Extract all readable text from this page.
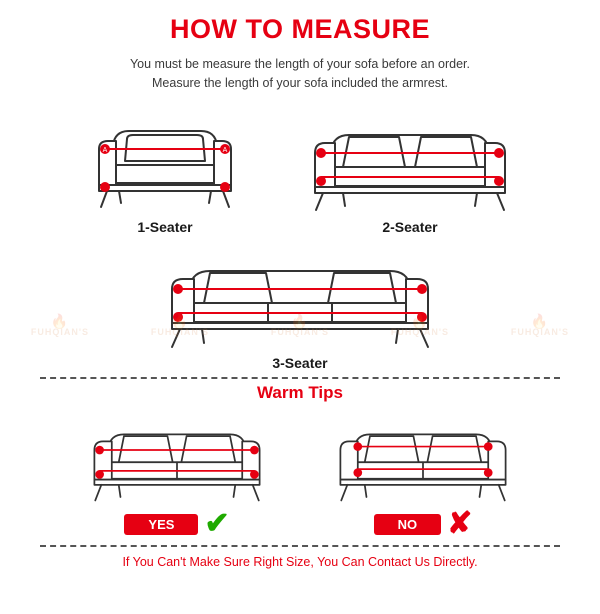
HOW TO MEASURE
You must be measure the length of your sofa before an order.
Measure the length of your sofa included the armrest.
A	A
1-Seater	2-Seater
3-Seater
Warm Tips
YES	✔	NO	✘
If You Can't Make Sure Right Size, You Can Contact Us Directly.
🔥
FUHQIAN'S	FUHQIAN'S	FUHQIAN'S	FUHQIAN'S
🔥
FUHQIAN'S
